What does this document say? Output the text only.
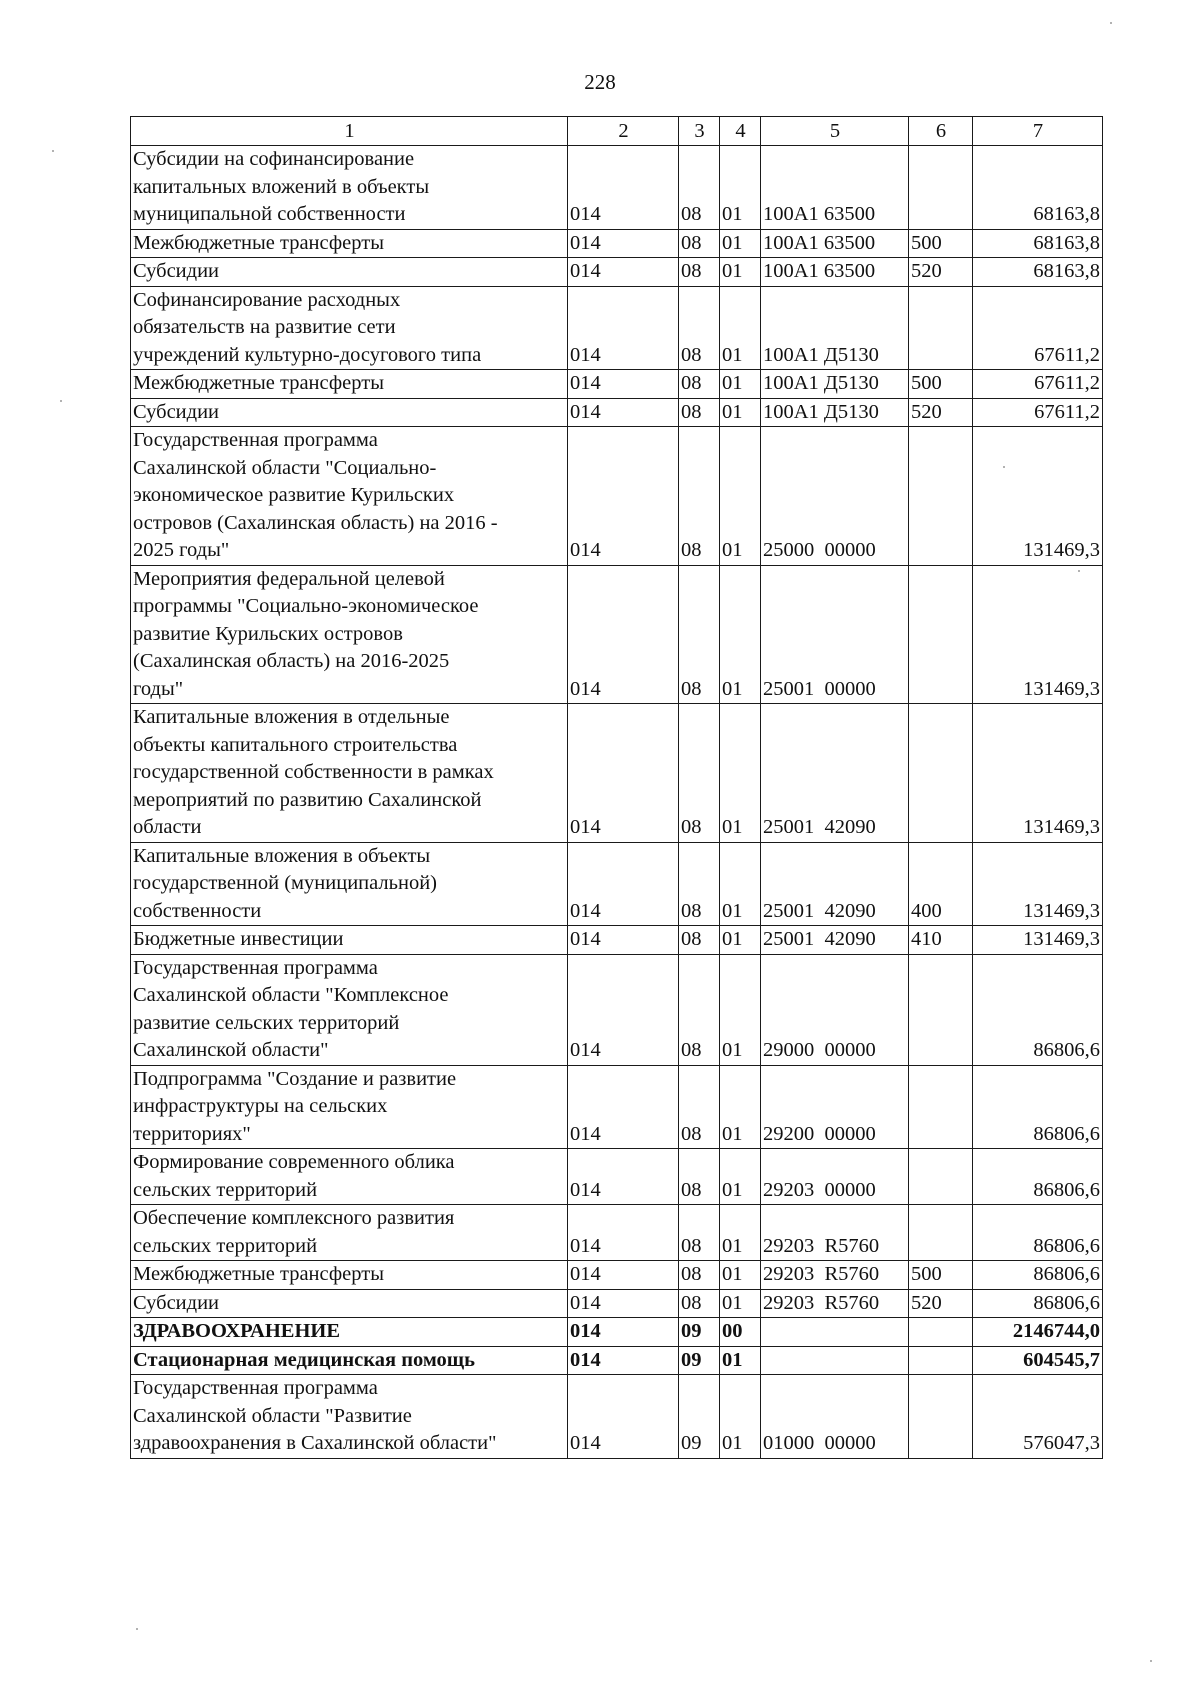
228
1	2	3	4	5	6	7
Субсидии на софинансирование
капитальных вложений в объекты
муниципальной собственности	014	08	01	100А1 63500		68163,8
Межбюджетные трансферты	014	08	01	100А1 63500	500	68163,8
Субсидии	014	08	01	100А1 63500	520	68163,8
Софинансирование расходных
обязательств на развитие сети
учреждений культурно-досугового типа	014	08	01	100А1 Д5130		67611,2
Межбюджетные трансферты	014	08	01	100А1 Д5130	500	67611,2
Субсидии	014	08	01	100А1 Д5130	520	67611,2
Государственная программа
Сахалинской области "Социально-
экономическое развитие Курильских
островов (Сахалинская область) на 2016 -
2025 годы"	014	08	01	25000  00000		131469,3
Мероприятия федеральной целевой
программы "Социально-экономическое
развитие Курильских островов
(Сахалинская область) на 2016-2025
годы"	014	08	01	25001  00000		131469,3
Капитальные вложения в отдельные
объекты капитального строительства
государственной собственности в рамках
мероприятий по развитию Сахалинской
области	014	08	01	25001  42090		131469,3
Капитальные вложения в объекты
государственной (муниципальной)
собственности	014	08	01	25001  42090	400	131469,3
Бюджетные инвестиции	014	08	01	25001  42090	410	131469,3
Государственная программа
Сахалинской области "Комплексное
развитие сельских территорий
Сахалинской области"	014	08	01	29000  00000		86806,6
Подпрограмма "Создание и развитие
инфраструктуры на сельских
территориях"	014	08	01	29200  00000		86806,6
Формирование современного облика
сельских территорий	014	08	01	29203  00000		86806,6
Обеспечение комплексного развития
сельских территорий	014	08	01	29203  R5760		86806,6
Межбюджетные трансферты	014	08	01	29203  R5760	500	86806,6
Субсидии	014	08	01	29203  R5760	520	86806,6
ЗДРАВООХРАНЕНИЕ	014	09	00			2146744,0
Стационарная медицинская помощь	014	09	01			604545,7
Государственная программа
Сахалинской области "Развитие
здравоохранения в Сахалинской области"	014	09	01	01000  00000		576047,3
